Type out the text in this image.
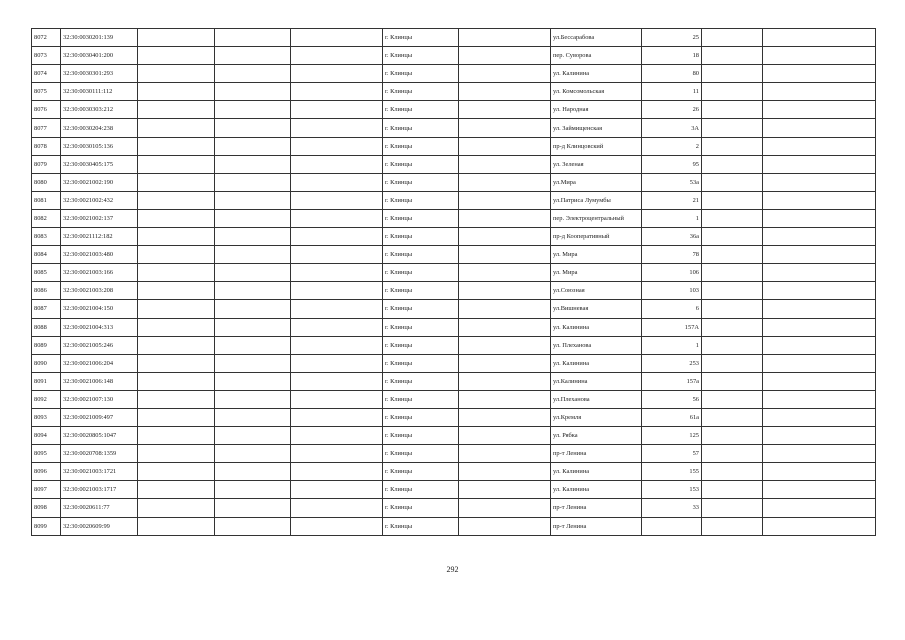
8072	32:30:0030201:139				г. Клинцы		ул.Бессарабова	25		
8073	32:30:0030401:200				г. Клинцы		пер. Суворова	18		
8074	32:30:0030301:293				г. Клинцы		ул. Калинина	80		
8075	32:30:0030111:112				г. Клинцы		ул. Комсомольская	11		
8076	32:30:0030303:212				г. Клинцы		ул. Народная	26		
8077	32:30:0030204:238				г. Клинцы		ул. Займищенская	3А		
8078	32:30:0030105:136				г. Клинцы		пр-д Клинцовский	2		
8079	32:30:0030405:175				г. Клинцы		ул. Зеленая	95		
8080	32:30:0021002:190				г. Клинцы		ул.Мира	53а		
8081	32:30:0021002:432				г. Клинцы		ул.Патриса Лумумбы	21		
8082	32:30:0021002:137				г. Клинцы		пер. Электроцентральный	1		
8083	32:30:0021112:182				г. Клинцы		пр-д Кооперативный	36а		
8084	32:30:0021003:480				г. Клинцы		ул. Мира	78		
8085	32:30:0021003:166				г. Клинцы		ул. Мира	106		
8086	32:30:0021003:208				г. Клинцы		ул.Союзная	103		
8087	32:30:0021004:150				г. Клинцы		ул.Вишневая	6		
8088	32:30:0021004:313				г. Клинцы		ул. Калинина	157А		
8089	32:30:0021005:246				г. Клинцы		ул. Плеханова	1		
8090	32:30:0021006:204				г. Клинцы		ул. Калинина	253		
8091	32:30:0021006:148				г. Клинцы		ул.Калинина	157а		
8092	32:30:0021007:130				г. Клинцы		ул.Плеханова	56		
8093	32:30:0021009:497				г. Клинцы		ул.Кремля	61а		
8094	32:30:0020805:1047				г. Клинцы		ул. Рябка	125		
8095	32:30:0020708:1359				г. Клинцы		пр-т Ленина	57		
8096	32:30:0021003:1721				г. Клинцы		ул. Калинина	155		
8097	32:30:0021003:1717				г. Клинцы		ул. Калинина	153		
8098	32:30:0020611:77				г. Клинцы		пр-т Ленина	33		
8099	32:30:0020609:99				г. Клинцы		пр-т Ленина			
292
